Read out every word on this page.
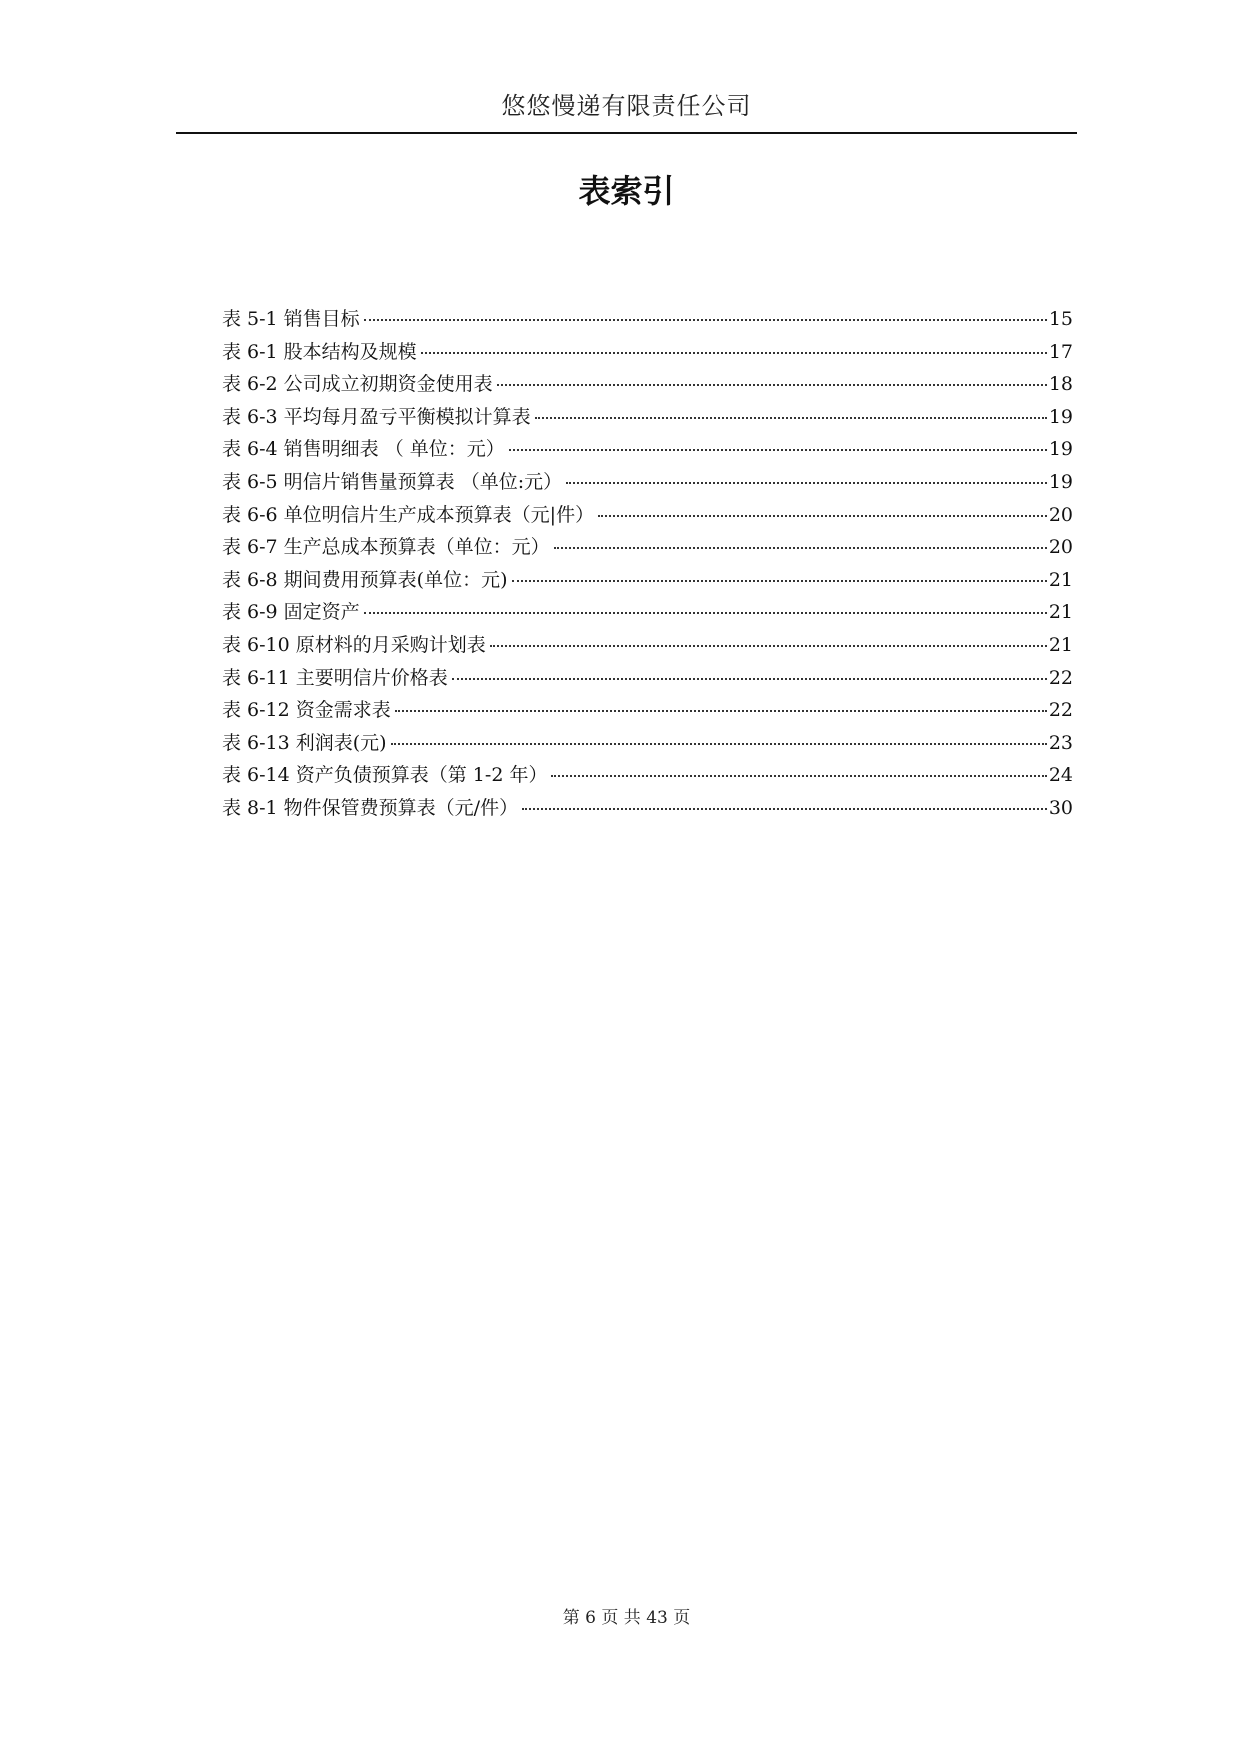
悠悠慢递有限责任公司
表索引
表 5-1 销售目标	15
表 6-1 股本结构及规模	17
表 6-2 公司成立初期资金使用表	18
表 6-3 平均每月盈亏平衡模拟计算表	19
表 6-4 销售明细表 （ 单位：元）	19
表 6-5 明信片销售量预算表 （单位:元）	19
表 6-6 单位明信片生产成本预算表（元|件）	20
表 6-7 生产总成本预算表（单位：元）	20
表 6-8 期间费用预算表(单位：元)	21
表 6-9 固定资产	21
表 6-10 原材料的月采购计划表	21
表 6-11 主要明信片价格表	22
表 6-12 资金需求表	22
表 6-13 利润表(元)	23
表 6-14 资产负债预算表（第 1-2 年）	24
表 8-1 物件保管费预算表（元/件）	30
第 6 页 共 43 页
